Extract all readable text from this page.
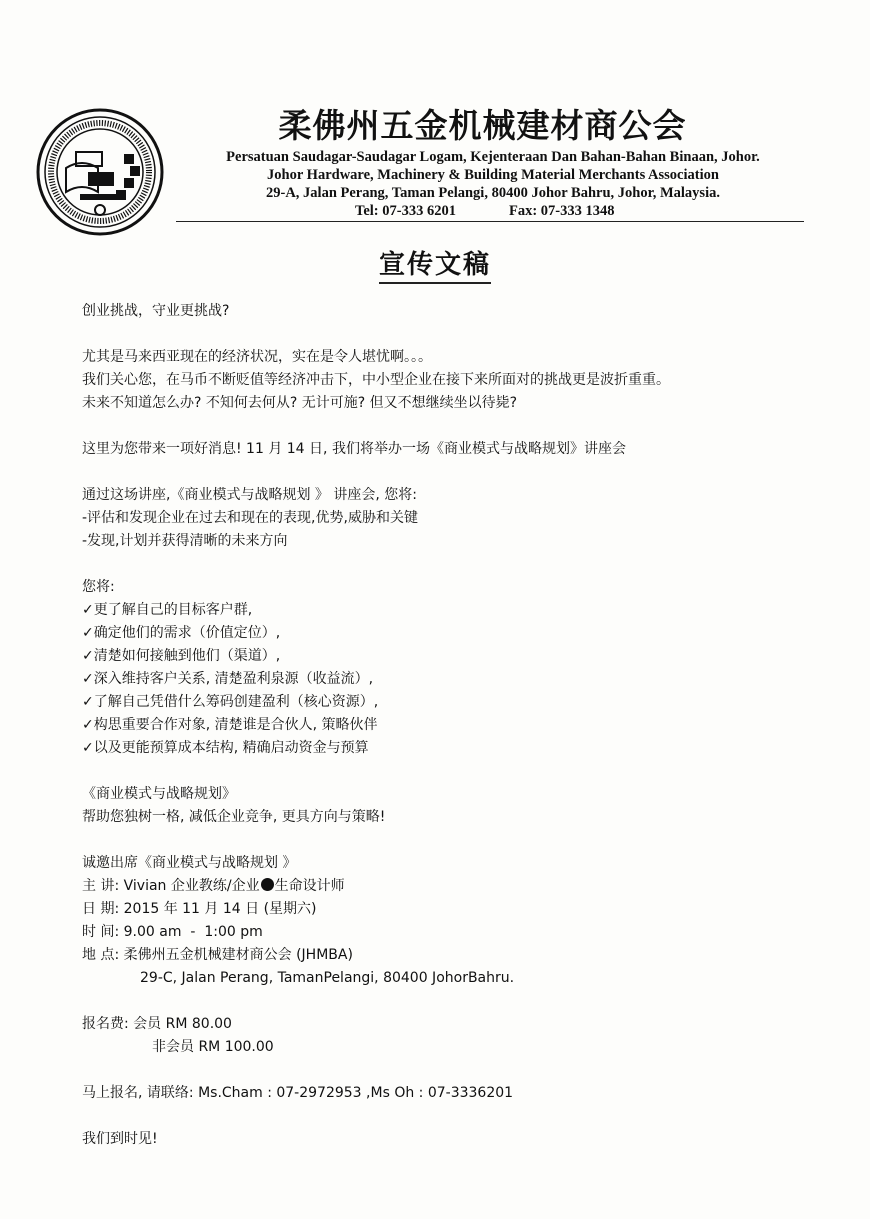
柔佛州五金机械建材商公会
Persatuan Saudagar-Saudagar Logam, Kejenteraan Dan Bahan-Bahan Binaan, Johor.
Johor Hardware, Machinery & Building Material Merchants Association
29-A, Jalan Perang, Taman Pelangi, 80400 Johor Bahru, Johor, Malaysia.
Tel: 07-333 6201	Fax: 07-333 1348
宣传文稿

创业挑战，守业更挑战?

尤其是马来西亚现在的经济状况，实在是令人堪忧啊。。。

我们关心您，在马币不断贬值等经济冲击下，中小型企业在接下来所面对的挑战更是波折重重。

未来不知道怎么办? 不知何去何从? 无计可施? 但又不想继续坐以待毙?

这里为您带来一项好消息! 11 月 14 日, 我们将举办一场《商业模式与战略规划》讲座会

通过这场讲座,《商业模式与战略规划 》 讲座会, 您将:

-评估和发现企业在过去和现在的表现,优势,威胁和关键

-发现,计划并获得清晰的未来方向

您将:

✓更了解自己的目标客户群,

✓确定他们的需求（价值定位）,

✓清楚如何接触到他们（渠道）,

✓深入维持客户关系, 清楚盈利泉源（收益流）,

✓了解自己凭借什么筹码创建盈利（核心资源）,

✓构思重要合作对象, 清楚谁是合伙人, 策略伙伴

✓以及更能预算成本结构, 精确启动资金与预算

《商业模式与战略规划》

帮助您独树一格, 减低企业竞争, 更具方向与策略!

诚邀出席《商业模式与战略规划 》

主 讲: Vivian 企业教练/企业 生命设计师

日 期: 2015 年 11 月 14 日 (星期六)

时 间: 9.00 am  -  1:00 pm

地 点: 柔佛州五金机械建材商公会 (JHMBA)

29-C, Jalan Perang, TamanPelangi, 80400 JohorBahru.

报名费: 会员 RM 80.00

非会员 RM 100.00

马上报名, 请联络: Ms.Cham : 07-2972953 ,Ms Oh : 07-3336201

我们到时见!
